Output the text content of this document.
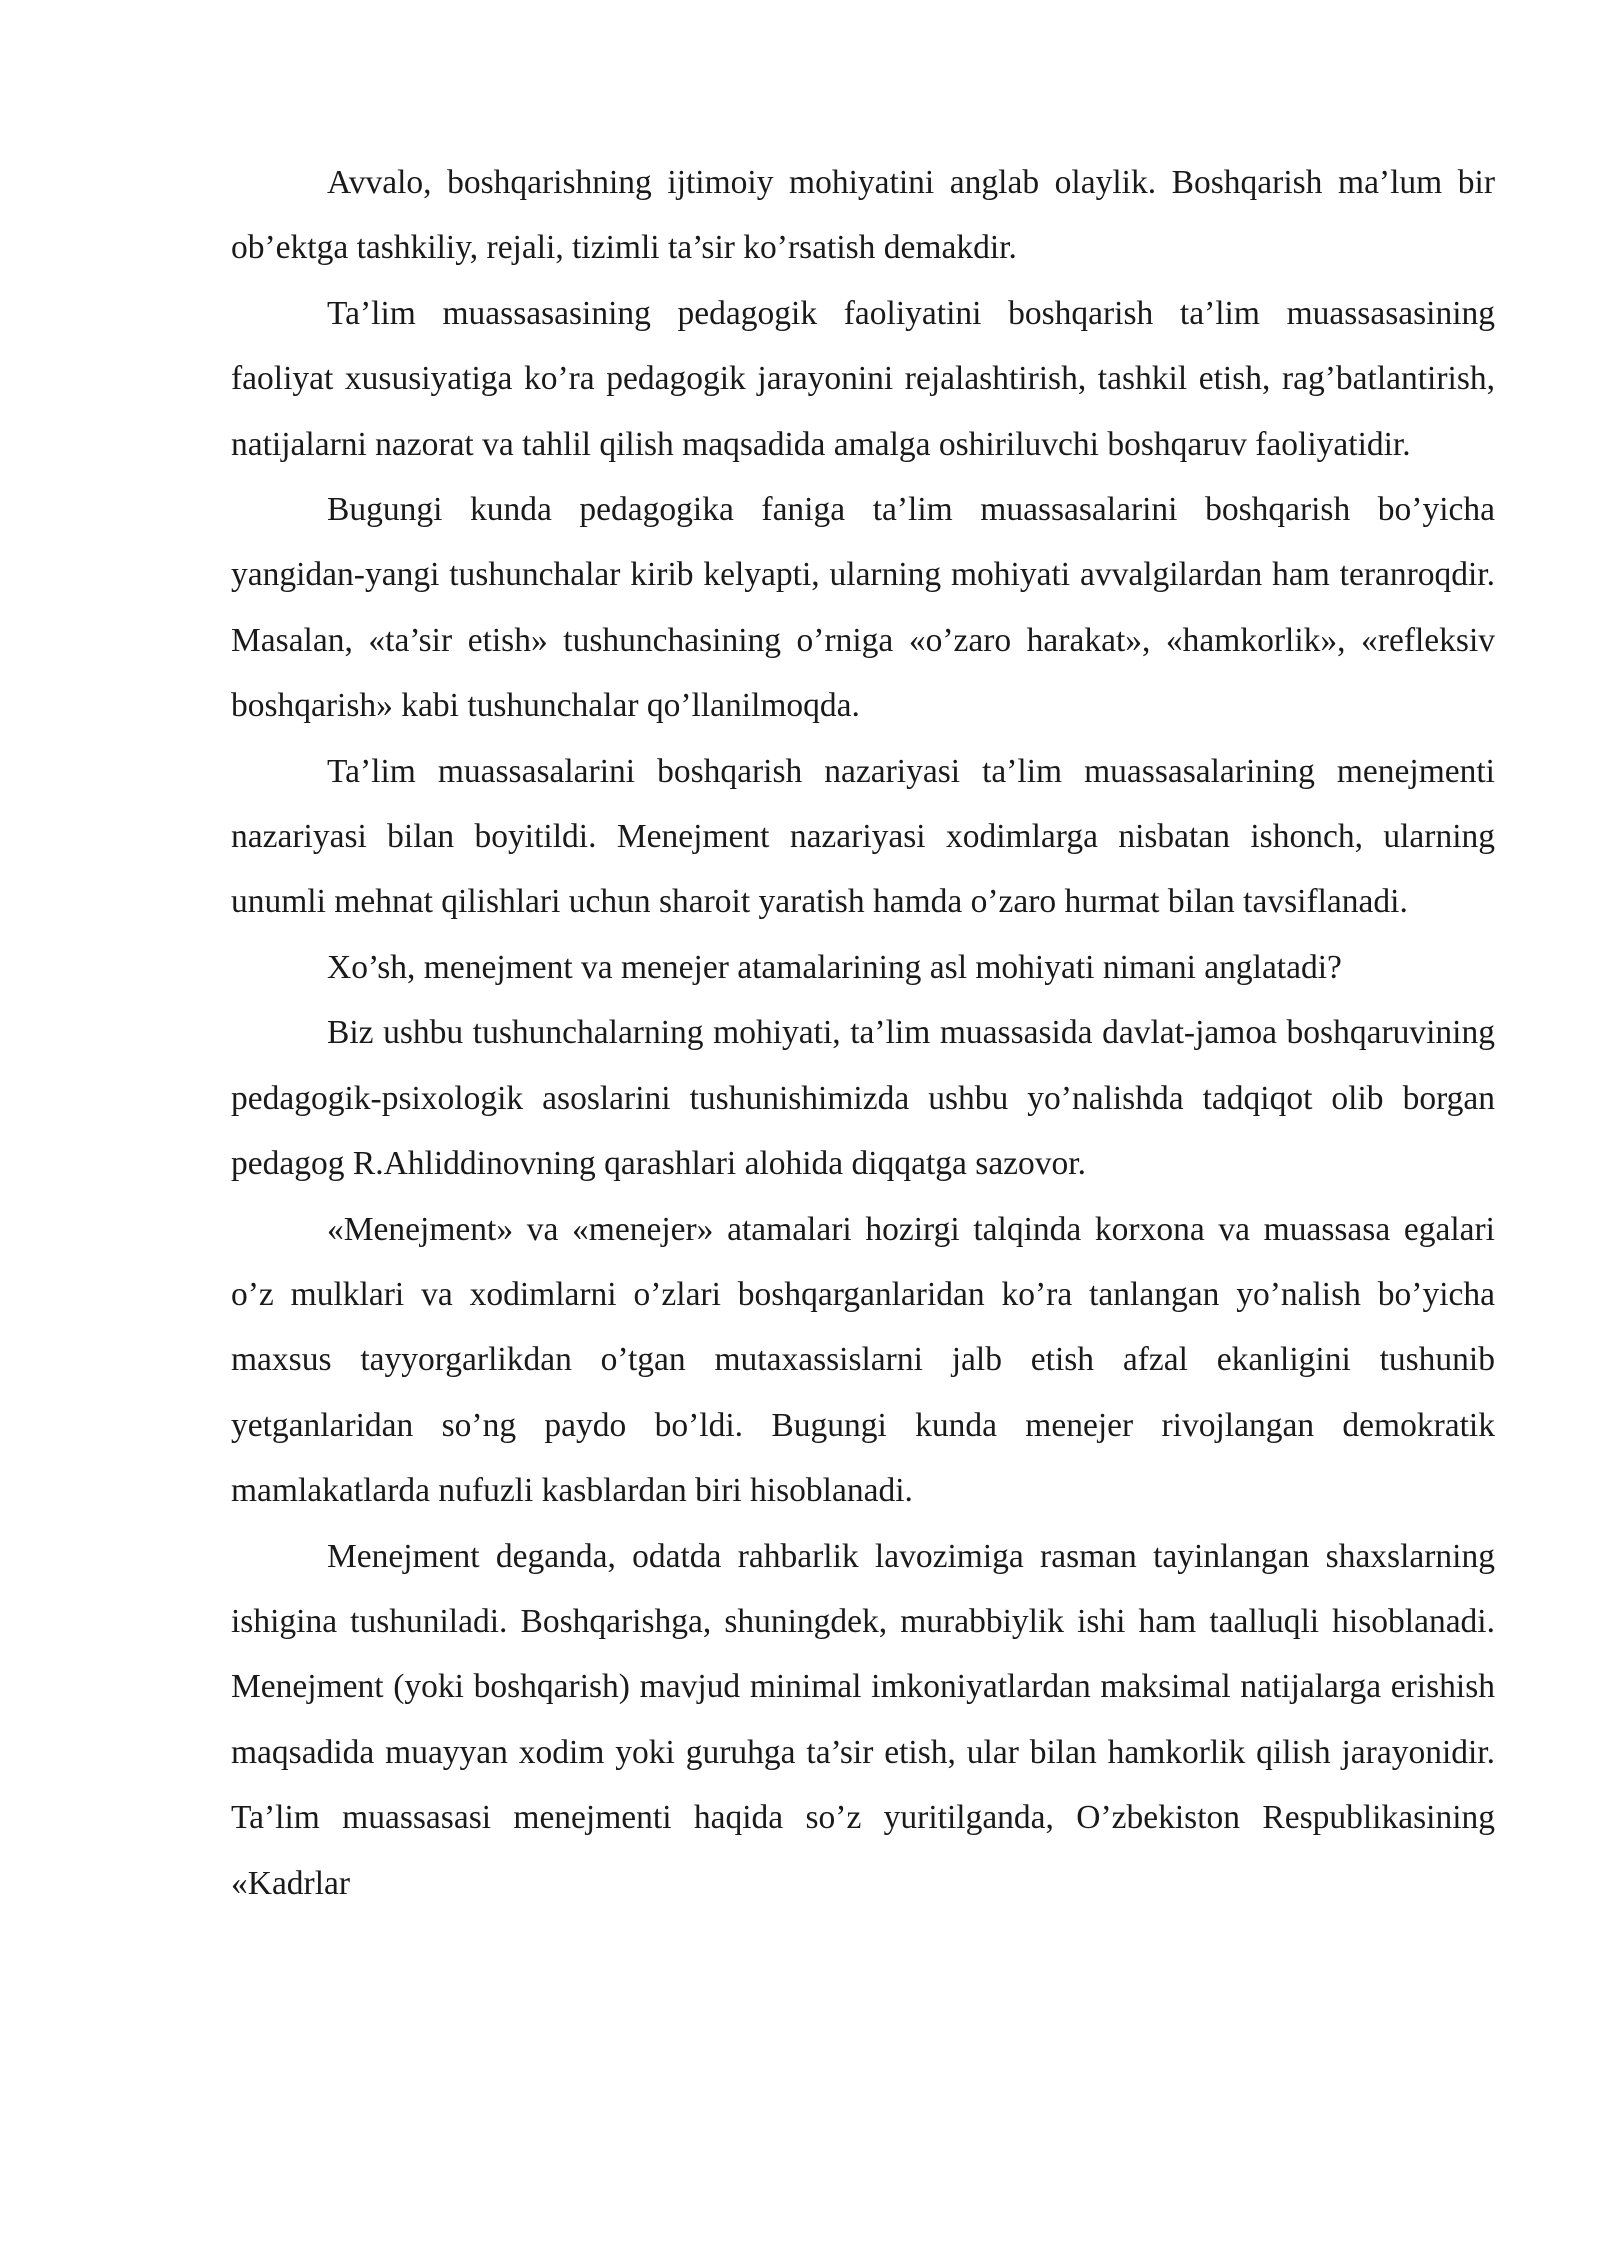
Avvalo, boshqarishning ijtimoiy mohiyatini anglab olaylik. Boshqarish ma’lum bir ob’ektga tashkiliy, rejali, tizimli ta’sir ko’rsatish demakdir.

Ta’lim muassasasining pedagogik faoliyatini boshqarish ta’lim muassasasining faoliyat xususiyatiga ko’ra pedagogik jarayonini rejalashtirish, tashkil etish, rag’batlantirish, natijalarni nazorat va tahlil qilish maqsadida amalga oshiriluvchi boshqaruv faoliyatidir.

Bugungi kunda pedagogika faniga ta’lim muassasalarini boshqarish bo’yicha yangidan-yangi tushunchalar kirib kelyapti, ularning mohiyati avvalgilardan ham teranroqdir. Masalan, «ta’sir etish» tushunchasining o’rniga «o’zaro harakat», «hamkorlik», «refleksiv boshqarish» kabi tushunchalar qo’llanilmoqda.

Ta’lim muassasalarini boshqarish nazariyasi ta’lim muassasalarining menejmenti nazariyasi bilan boyitildi. Menejment nazariyasi xodimlarga nisbatan ishonch, ularning unumli mehnat qilishlari uchun sharoit yaratish hamda o’zaro hurmat bilan tavsiflanadi.

Xo’sh, menejment va menejer atamalarining asl mohiyati nimani anglatadi?

Biz ushbu tushunchalarning mohiyati, ta’lim muassasida davlat-jamoa boshqaruvining pedagogik-psixologik asoslarini tushunishimizda ushbu yo’nalishda tadqiqot olib borgan pedagog R.Ahliddinovning qarashlari alohida diqqatga sazovor.

«Menejment» va «menejer» atamalari hozirgi talqinda korxona va muassasa egalari o’z mulklari va xodimlarni o’zlari boshqarganlaridan ko’ra tanlangan yo’nalish bo’yicha maxsus tayyorgarlikdan o’tgan mutaxassislarni jalb etish afzal ekanligini tushunib yetganlaridan so’ng paydo bo’ldi. Bugungi kunda menejer rivojlangan demokratik mamlakatlarda nufuzli kasblardan biri hisoblanadi.

Menejment deganda, odatda rahbarlik lavozimiga rasman tayinlangan shaxslarning ishigina tushuniladi. Boshqarishga, shuningdek, murabbiylik ishi ham taalluqli hisoblanadi. Menejment (yoki boshqarish) mavjud minimal imkoniyatlardan maksimal natijalarga erishish maqsadida muayyan xodim yoki guruhga ta’sir etish, ular bilan hamkorlik qilish jarayonidir. Ta’lim muassasasi menejmenti haqida so’z yuritilganda, O’zbekiston Respublikasining «Kadrlar
